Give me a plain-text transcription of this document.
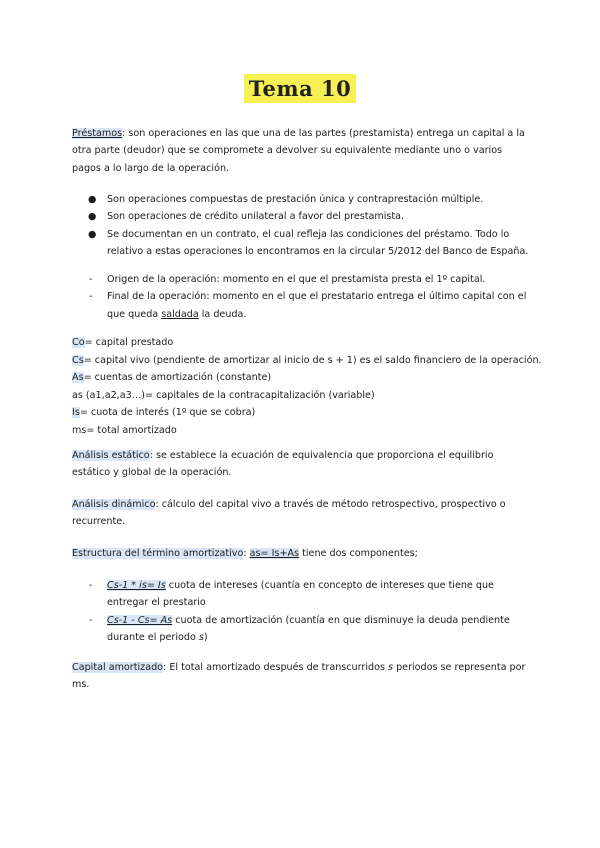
Tema 10

Préstamos: son operaciones en las que una de las partes (prestamista) entrega un capital a la otra parte (deudor) que se compromete a devolver su equivalente mediante uno o varios pagos a lo largo de la operación.

● Son operaciones compuestas de prestación única y contraprestación múltiple.
● Son operaciones de crédito unilateral a favor del prestamista.
● Se documentan en un contrato, el cual refleja las condiciones del préstamo. Todo lo relativo a estas operaciones lo encontramos en la circular 5/2012 del Banco de España.
- Origen de la operación: momento en el que el prestamista presta el 1º capital.
- Final de la operación: momento en el que el prestatario entrega el último capital con el que queda saldada la deuda.
Co= capital prestado
Cs= capital vivo (pendiente de amortizar al inicio de s + 1) es el saldo financiero de la operación.
As= cuentas de amortización (constante)
as (a1,a2,a3…)= capitales de la contracapitalización (variable)
Is= cuota de interés (1º que se cobra)
ms= total amortizado

Análisis estático: se establece la ecuación de equivalencia que proporciona el equilibrio estático y global de la operación.

Análisis dinámico: cálculo del capital vivo a través de método retrospectivo, prospectivo o recurrente.

Estructura del término amortizativo: as= Is+As tiene dos componentes;

- Cs-1 * is= Is cuota de intereses (cuantía en concepto de intereses que tiene que entregar el prestario
- Cs-1 - Cs= As cuota de amortización (cuantía en que disminuye la deuda pendiente durante el periodo s)

Capital amortizado: El total amortizado después de transcurridos s periodos se representa por ms.
